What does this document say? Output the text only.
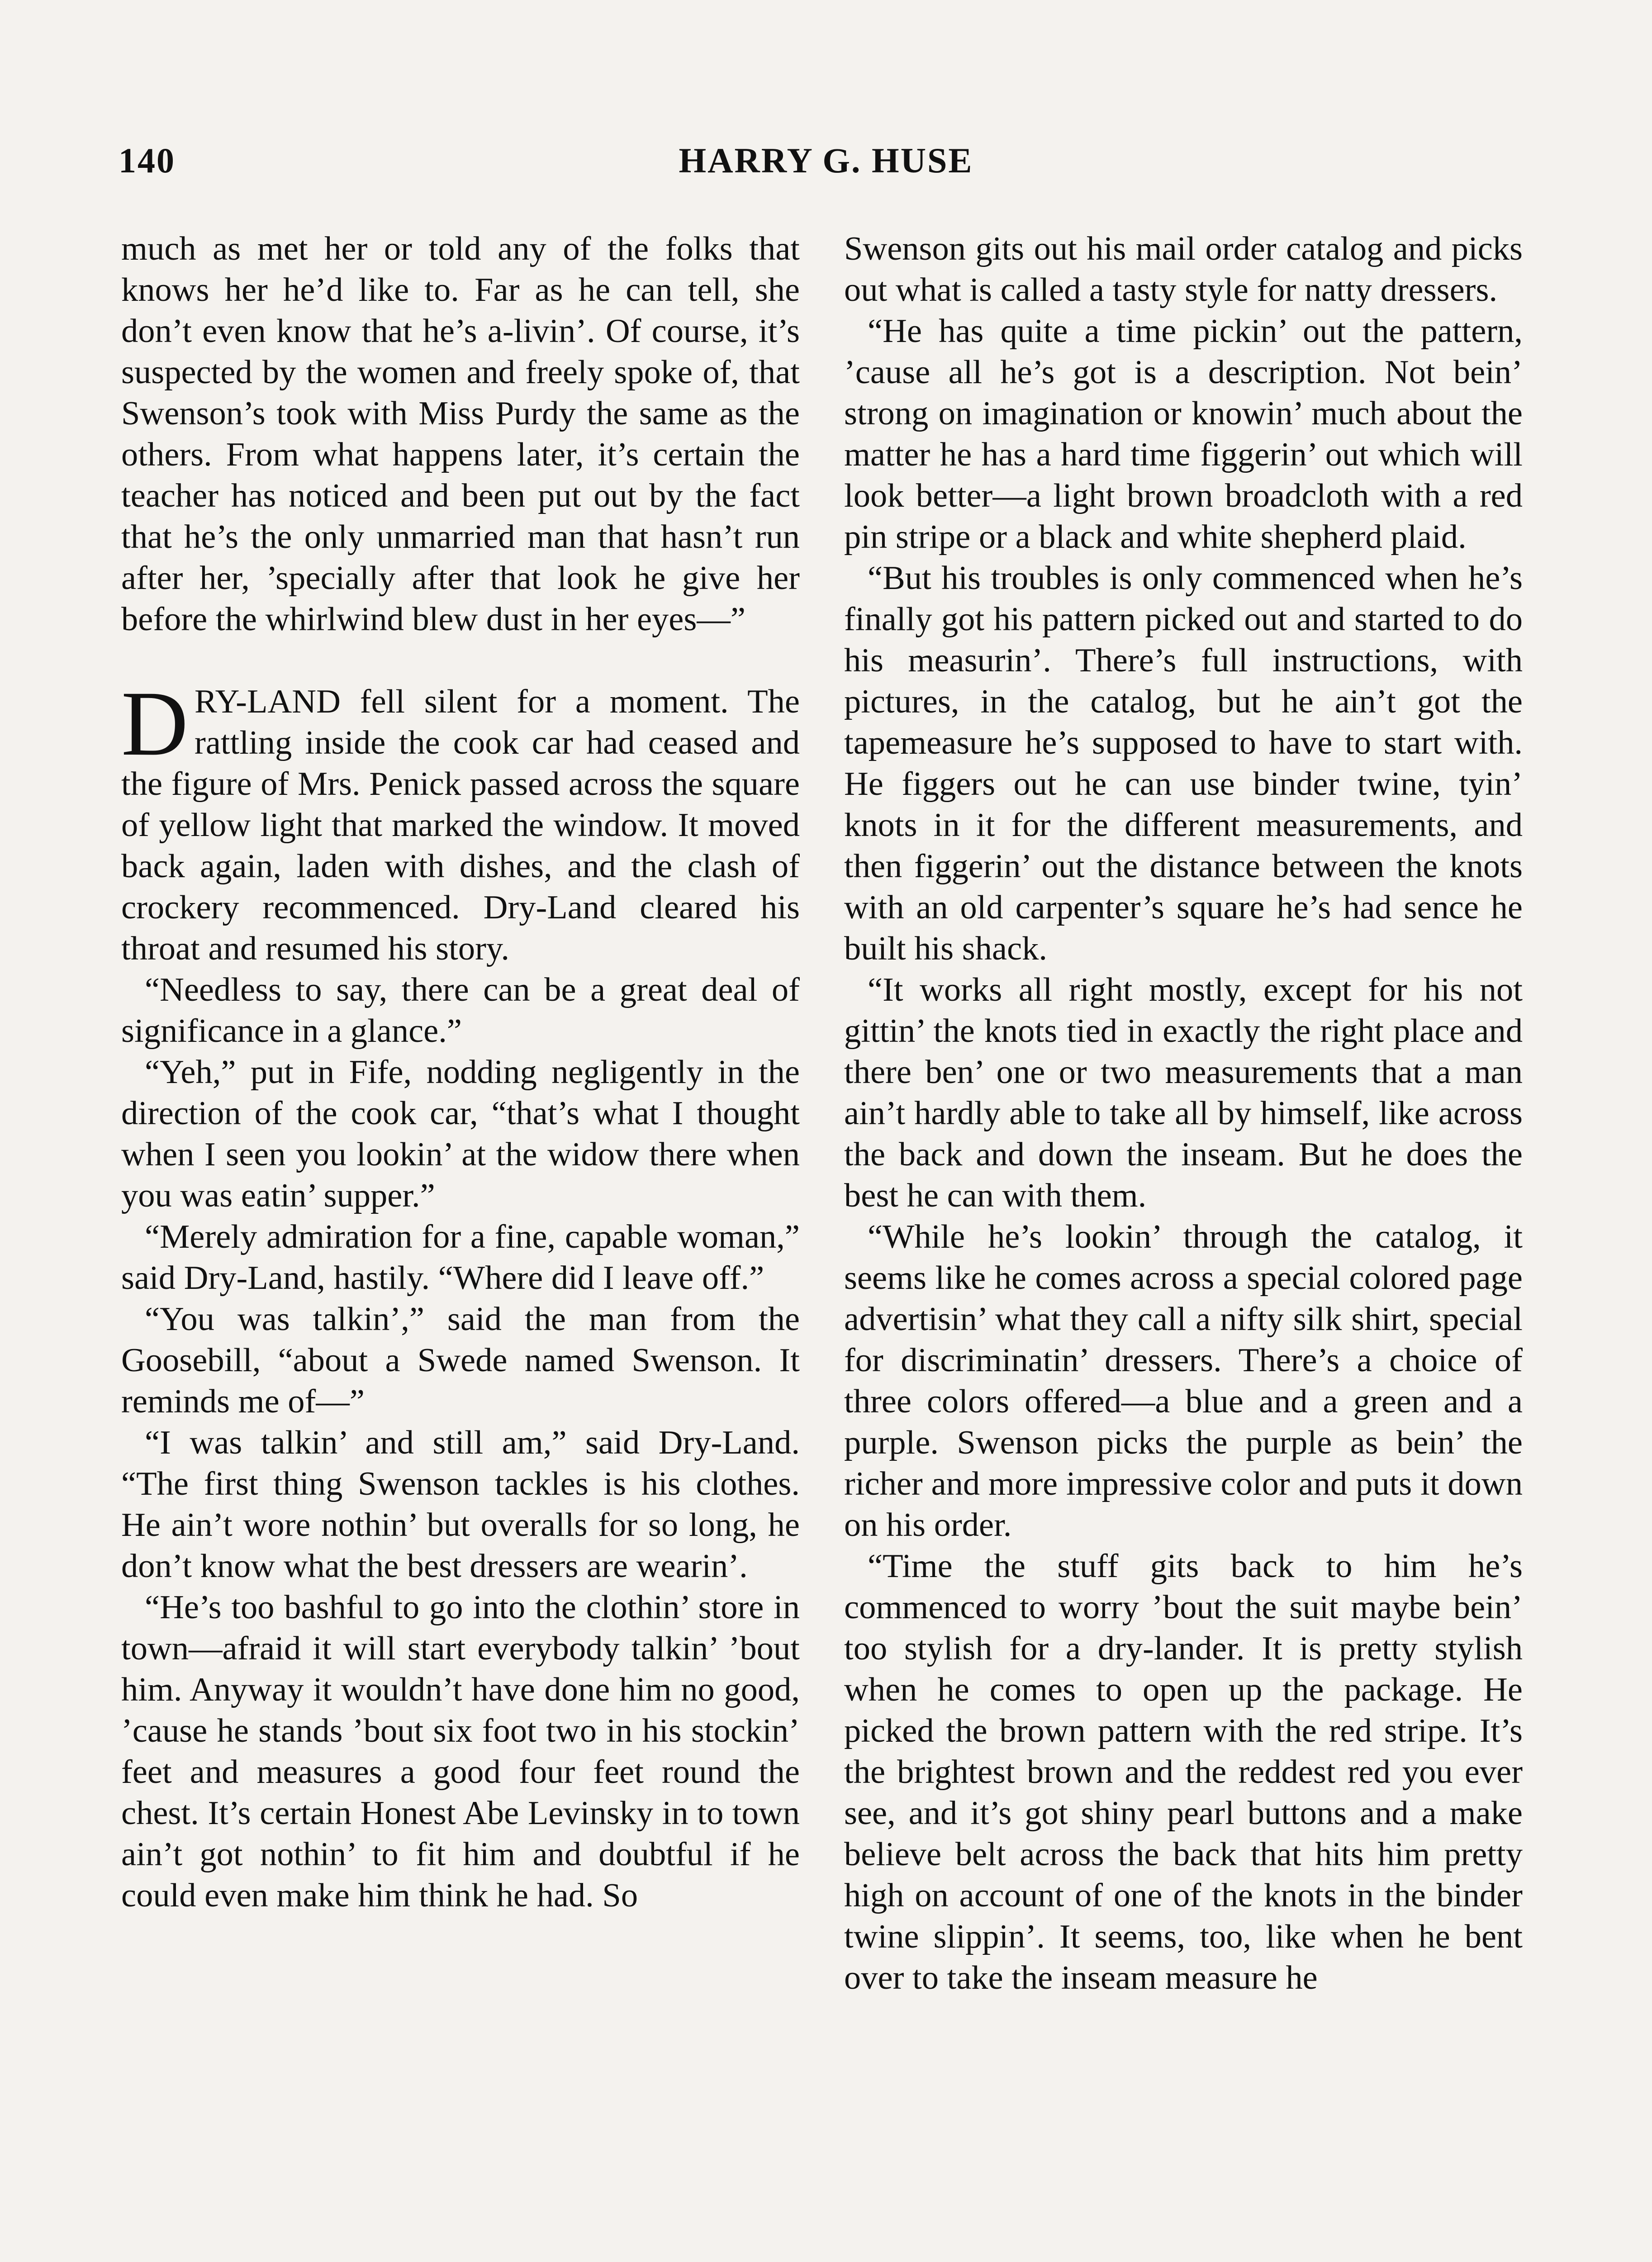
140	HARRY G. HUSE

much as met her or told any of the folks that knows her he’d like to. Far as he can tell, she don’t even know that he’s a-livin’. Of course, it’s suspected by the women and freely spoke of, that Swenson’s took with Miss Purdy the same as the others. From what happens later, it’s certain the teacher has noticed and been put out by the fact that he’s the only unmarried man that hasn’t run after her, ’specially after that look he give her before the whirlwind blew dust in her eyes—”

DRY-LAND fell silent for a moment. The rattling inside the cook car had ceased and the figure of Mrs. Penick passed across the square of yellow light that marked the window. It moved back again, laden with dishes, and the clash of crockery recommenced. Dry-Land cleared his throat and resumed his story.

“Needless to say, there can be a great deal of significance in a glance.”

“Yeh,” put in Fife, nodding negligently in the direction of the cook car, “that’s what I thought when I seen you lookin’ at the widow there when you was eatin’ supper.”

“Merely admiration for a fine, capable woman,” said Dry-Land, hastily. “Where did I leave off.”

“You was talkin’,” said the man from the Goosebill, “about a Swede named Swenson. It reminds me of—”

“I was talkin’ and still am,” said Dry-Land. “The first thing Swenson tackles is his clothes. He ain’t wore nothin’ but overalls for so long, he don’t know what the best dressers are wearin’.

“He’s too bashful to go into the clothin’ store in town—afraid it will start everybody talkin’ ’bout him. Anyway it wouldn’t have done him no good, ’cause he stands ’bout six foot two in his stockin’ feet and measures a good four feet round the chest. It’s certain Honest Abe Levinsky in to town ain’t got nothin’ to fit him and doubtful if he could even make him think he had. So

Swenson gits out his mail order catalog and picks out what is called a tasty style for natty dressers.

“He has quite a time pickin’ out the pattern, ’cause all he’s got is a description. Not bein’ strong on imagination or knowin’ much about the matter he has a hard time figgerin’ out which will look better—a light brown broadcloth with a red pin stripe or a black and white shepherd plaid.

“But his troubles is only commenced when he’s finally got his pattern picked out and started to do his measurin’. There’s full instructions, with pictures, in the catalog, but he ain’t got the tapemeasure he’s supposed to have to start with. He figgers out he can use binder twine, tyin’ knots in it for the different measurements, and then figgerin’ out the distance between the knots with an old carpenter’s square he’s had sence he built his shack.

“It works all right mostly, except for his not gittin’ the knots tied in exactly the right place and there ben’ one or two measurements that a man ain’t hardly able to take all by himself, like across the back and down the inseam. But he does the best he can with them.

“While he’s lookin’ through the catalog, it seems like he comes across a special colored page advertisin’ what they call a nifty silk shirt, special for discriminatin’ dressers. There’s a choice of three colors offered—a blue and a green and a purple. Swenson picks the purple as bein’ the richer and more impressive color and puts it down on his order.

“Time the stuff gits back to him he’s commenced to worry ’bout the suit maybe bein’ too stylish for a dry-lander. It is pretty stylish when he comes to open up the package. He picked the brown pattern with the red stripe. It’s the brightest brown and the reddest red you ever see, and it’s got shiny pearl buttons and a make believe belt across the back that hits him pretty high on account of one of the knots in the binder twine slippin’. It seems, too, like when he bent over to take the inseam measure he
